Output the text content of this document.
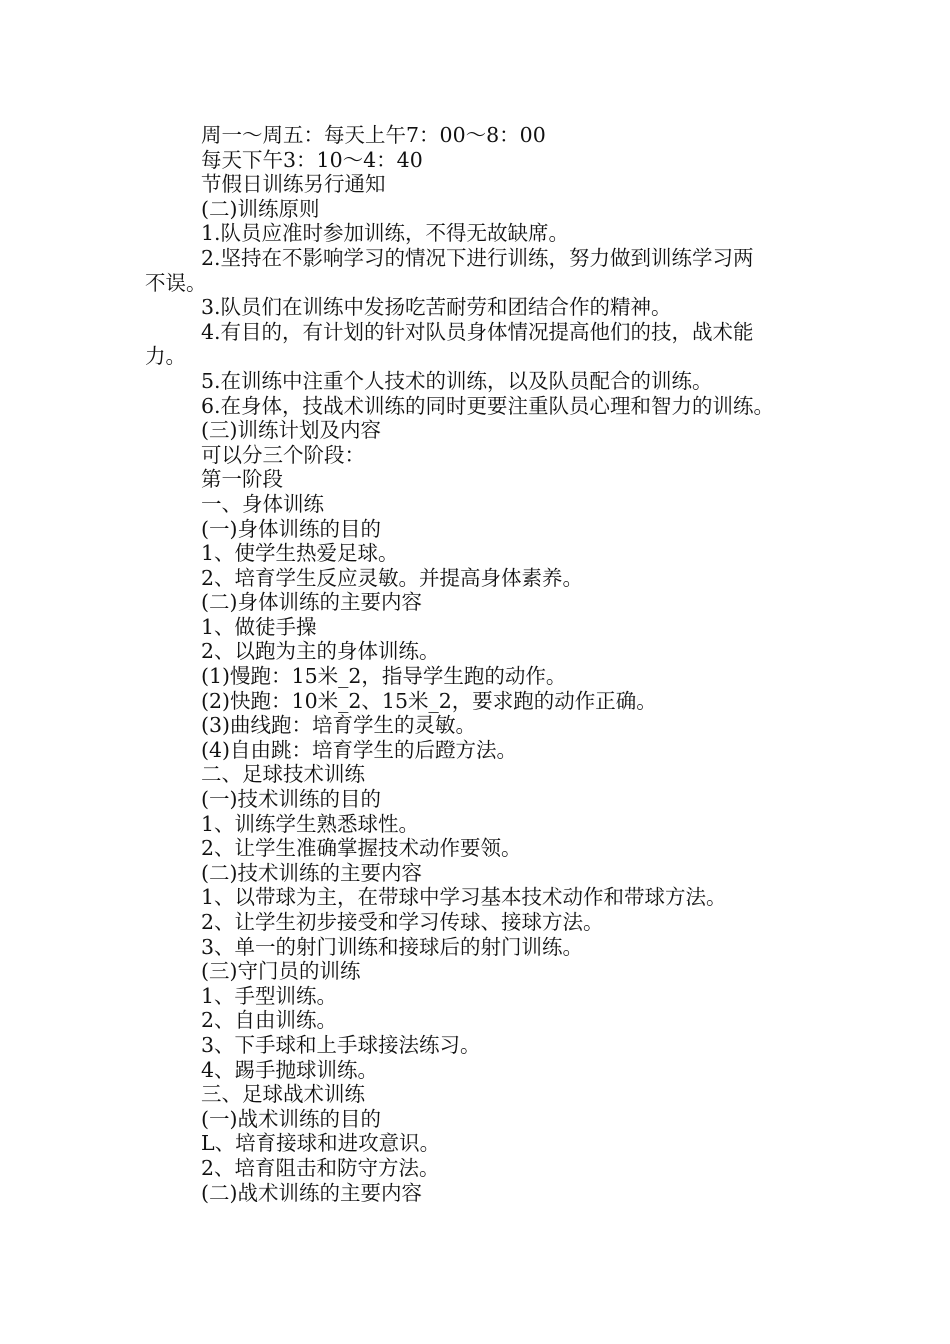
周一～周五：每天上午7：00～8：00

每天下午3：10～4：40

节假日训练另行通知

(二)训练原则

1.队员应准时参加训练，不得无故缺席。

2.坚持在不影响学习的情况下进行训练，努力做到训练学习两

不误。

3.队员们在训练中发扬吃苦耐劳和团结合作的精神。

4.有目的，有计划的针对队员身体情况提高他们的技，战术能

力。

5.在训练中注重个人技术的训练，以及队员配合的训练。

6.在身体，技战术训练的同时更要注重队员心理和智力的训练。

(三)训练计划及内容

可以分三个阶段：

第一阶段

一、身体训练

(一)身体训练的目的

1、使学生热爱足球。

2、培育学生反应灵敏。并提高身体素养。

(二)身体训练的主要内容

1、做徒手操

2、以跑为主的身体训练。

(1)慢跑：15米_2，指导学生跑的动作。

(2)快跑：10米_2、15米_2，要求跑的动作正确。

(3)曲线跑：培育学生的灵敏。

(4)自由跳：培育学生的后蹬方法。

二、足球技术训练

(一)技术训练的目的

1、训练学生熟悉球性。

2、让学生准确掌握技术动作要领。

(二)技术训练的主要内容

1、以带球为主，在带球中学习基本技术动作和带球方法。

2、让学生初步接受和学习传球、接球方法。

3、单一的射门训练和接球后的射门训练。

(三)守门员的训练

1、手型训练。

2、自由训练。

3、下手球和上手球接法练习。

4、踢手抛球训练。

三、足球战术训练

(一)战术训练的目的

L、培育接球和进攻意识。

2、培育阻击和防守方法。

(二)战术训练的主要内容
